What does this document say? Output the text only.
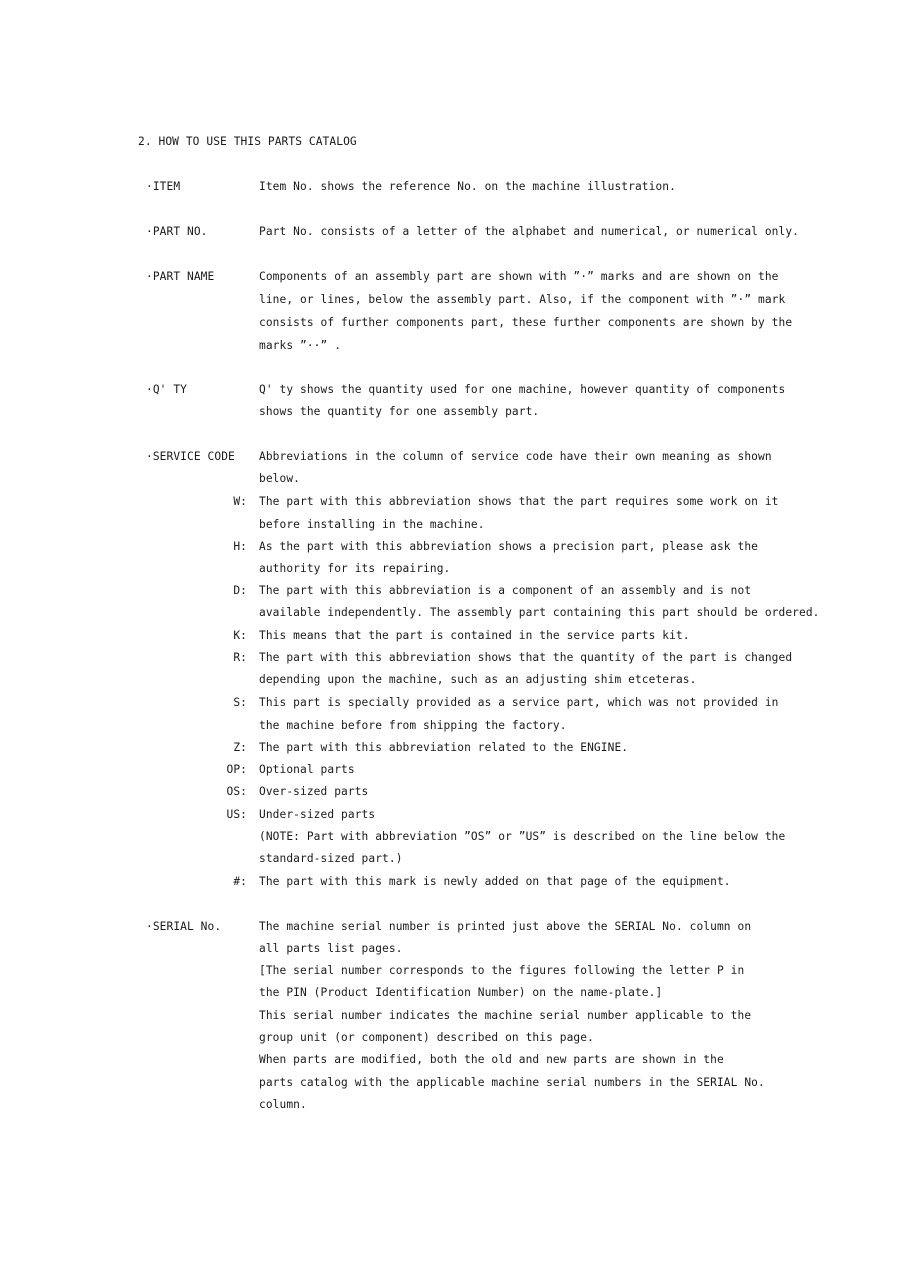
2. HOW TO USE THIS PARTS CATALOG
·ITEM	Item No. shows the reference No. on the machine illustration.
·PART NO.	Part No. consists of a letter of the alphabet and numerical, or numerical only.
·PART NAME	Components of an assembly part are shown with ”·” marks and are shown on the
line, or lines, below the assembly part. Also, if the component with ”·” mark
consists of further components part, these further components are shown by the
marks ”··” .
·Q' TY	Q' ty shows the quantity used for one machine, however quantity of components
shows the quantity for one assembly part.
·SERVICE CODE Abbreviations in the column of service code have their own meaning as shown
below.
W: The part with this abbreviation shows that the part requires some work on it
before installing in the machine.
H: As the part with this abbreviation shows a precision part, please ask the
authority for its repairing.
D: The part with this abbreviation is a component of an assembly and is not
available independently. The assembly part containing this part should be ordered.
K: This means that the part is contained in the service parts kit.
R: The part with this abbreviation shows that the quantity of the part is changed
depending upon the machine, such as an adjusting shim etceteras.
S: This part is specially provided as a service part, which was not provided in
the machine before from shipping the factory.
Z: The part with this abbreviation related to the ENGINE.
OP: Optional parts
OS: Over-sized parts
US: Under-sized parts
(NOTE: Part with abbreviation ”OS” or ”US” is described on the line below the
standard-sized part.)
#: The part with this mark is newly added on that page of the equipment.
·SERIAL No.	The machine serial number is printed just above the SERIAL No. column on
all parts list pages.
[The serial number corresponds to the figures following the letter P in
the PIN (Product Identification Number) on the name-plate.]
This serial number indicates the machine serial number applicable to the
group unit (or component) described on this page.
When parts are modified, both the old and new parts are shown in the
parts catalog with the applicable machine serial numbers in the SERIAL No.
column.
